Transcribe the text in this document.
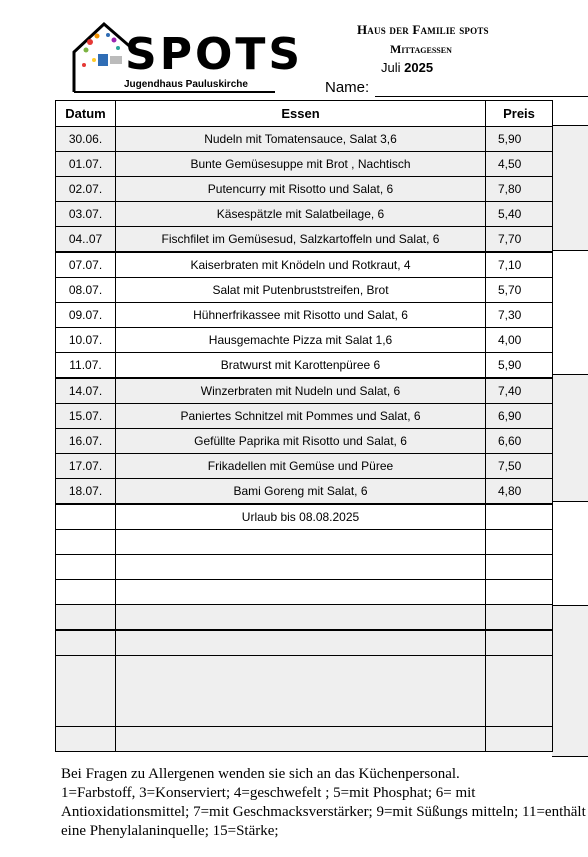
SPOTS
Jugendhaus Pauluskirche
Haus der Familie spots
Mittagessen
Juli 2025
Name:
Datum	Essen	Preis
30.06.	Nudeln mit Tomatensauce, Salat 3,6	5,90
01.07.	Bunte Gemüsesuppe mit Brot , Nachtisch	4,50
02.07.	Putencurry mit Risotto und Salat, 6	7,80
03.07.	Käsespätzle mit Salatbeilage, 6	5,40
04..07	Fischfilet im Gemüsesud, Salzkartoffeln und Salat, 6	7,70
07.07.	Kaiserbraten mit Knödeln und Rotkraut, 4	7,10
08.07.	Salat mit Putenbruststreifen, Brot	5,70
09.07.	Hühnerfrikassee mit Risotto und Salat, 6	7,30
10.07.	Hausgemachte Pizza mit Salat 1,6	4,00
11.07.	Bratwurst mit Karottenpüree 6	5,90
14.07.	Winzerbraten mit Nudeln und Salat, 6	7,40
15.07.	Paniertes Schnitzel mit Pommes und Salat, 6	6,90
16.07.	Gefüllte Paprika mit Risotto und Salat, 6	6,60
17.07.	Frikadellen mit Gemüse und Püree	7,50
18.07.	Bami Goreng mit Salat, 6	4,80
	Urlaub bis 08.08.2025	

Bei Fragen zu Allergenen wenden sie sich an das Küchenpersonal.
1=Farbstoff, 3=Konserviert; 4=geschwefelt ; 5=mit Phosphat; 6= mit Antioxidationsmittel; 7=mit Geschmacksverstärker; 9=mit Süßungs mitteln; 11=enthält eine Phenylalaninquelle; 15=Stärke;
